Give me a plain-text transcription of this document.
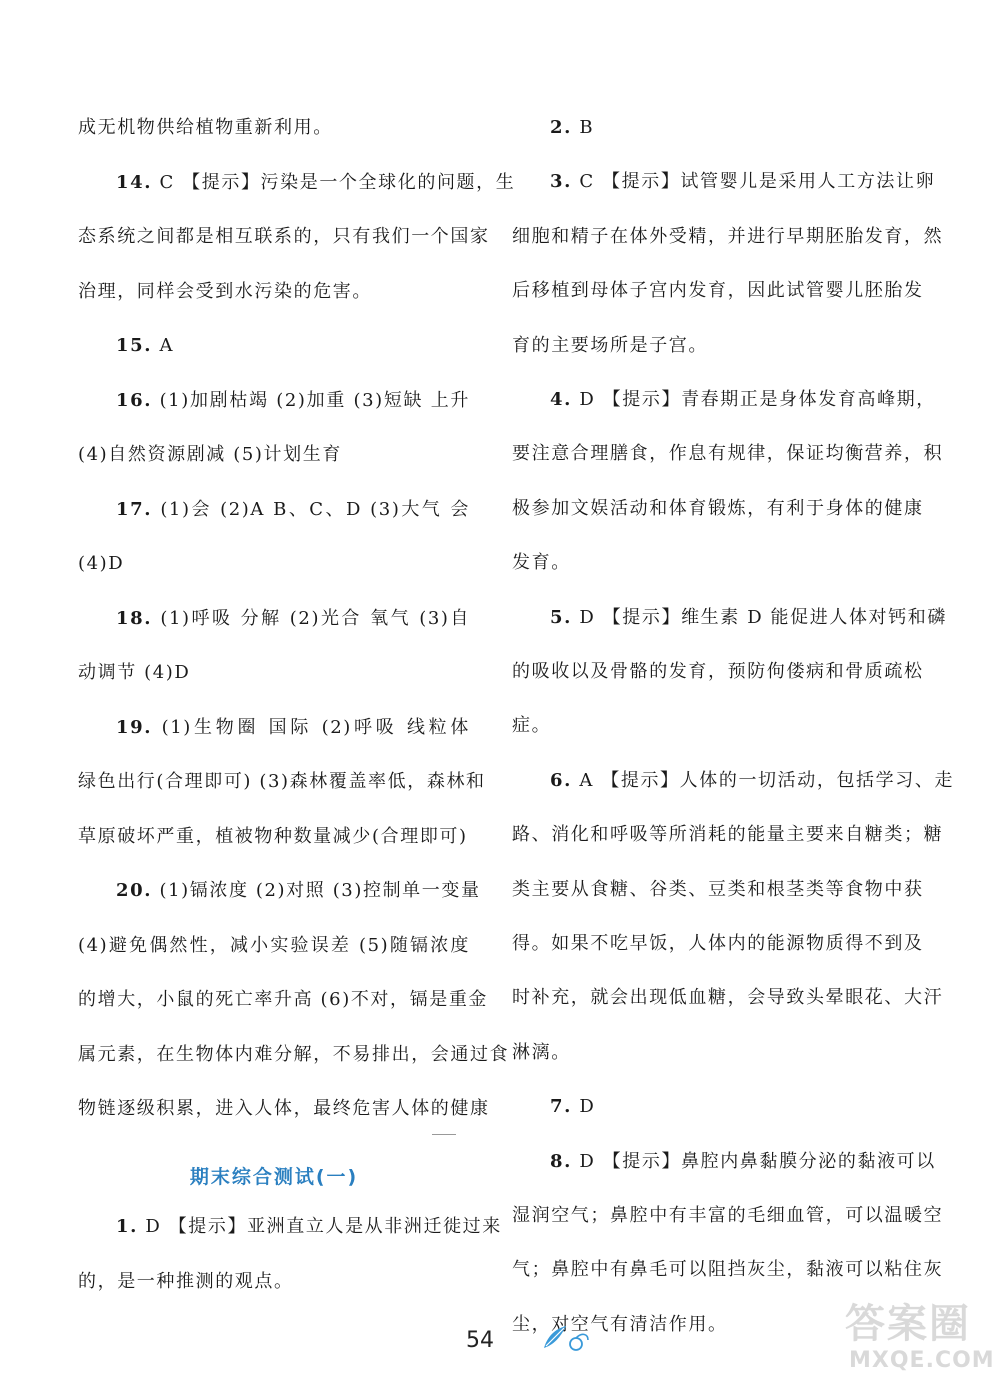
成无机物供给植物重新利用。
14. C 【提示】污染是一个全球化的问题，生
态系统之间都是相互联系的，只有我们一个国家
治理，同样会受到水污染的危害。
15. A
16. (1)加剧枯竭 (2)加重 (3)短缺 上升
(4)自然资源剧减 (5)计划生育
17. (1)会 (2)A B、C、D (3)大气 会
(4)D
18. (1)呼吸 分解 (2)光合 氧气 (3)自
动调节 (4)D
19. (1)生物圈 国际 (2)呼吸 线粒体
绿色出行(合理即可) (3)森林覆盖率低，森林和
草原破坏严重，植被物种数量减少(合理即可)
20. (1)镉浓度 (2)对照 (3)控制单一变量
(4)避免偶然性，减小实验误差 (5)随镉浓度
的增大，小鼠的死亡率升高 (6)不对，镉是重金
属元素，在生物体内难分解，不易排出，会通过食
物链逐级积累，进入人体，最终危害人体的健康
1. D 【提示】亚洲直立人是从非洲迁徙过来
的，是一种推测的观点。
2. B
3. C 【提示】试管婴儿是采用人工方法让卵
细胞和精子在体外受精，并进行早期胚胎发育，然
后移植到母体子宫内发育，因此试管婴儿胚胎发
育的主要场所是子宫。
4. D 【提示】青春期正是身体发育高峰期，
要注意合理膳食，作息有规律，保证均衡营养，积
极参加文娱活动和体育锻炼，有利于身体的健康
发育。
5. D 【提示】维生素 D 能促进人体对钙和磷
的吸收以及骨骼的发育，预防佝偻病和骨质疏松
症。
6. A 【提示】人体的一切活动，包括学习、走
路、消化和呼吸等所消耗的能量主要来自糖类；糖
类主要从食糖、谷类、豆类和根茎类等食物中获
得。如果不吃早饭，人体内的能源物质得不到及
时补充，就会出现低血糖，会导致头晕眼花、大汗
淋漓。
7. D
8. D 【提示】鼻腔内鼻黏膜分泌的黏液可以
湿润空气；鼻腔中有丰富的毛细血管，可以温暖空
气；鼻腔中有鼻毛可以阻挡灰尘，黏液可以粘住灰
尘，对空气有清洁作用。
期末综合测试(一)
54	答案圈
MXQE.COM
